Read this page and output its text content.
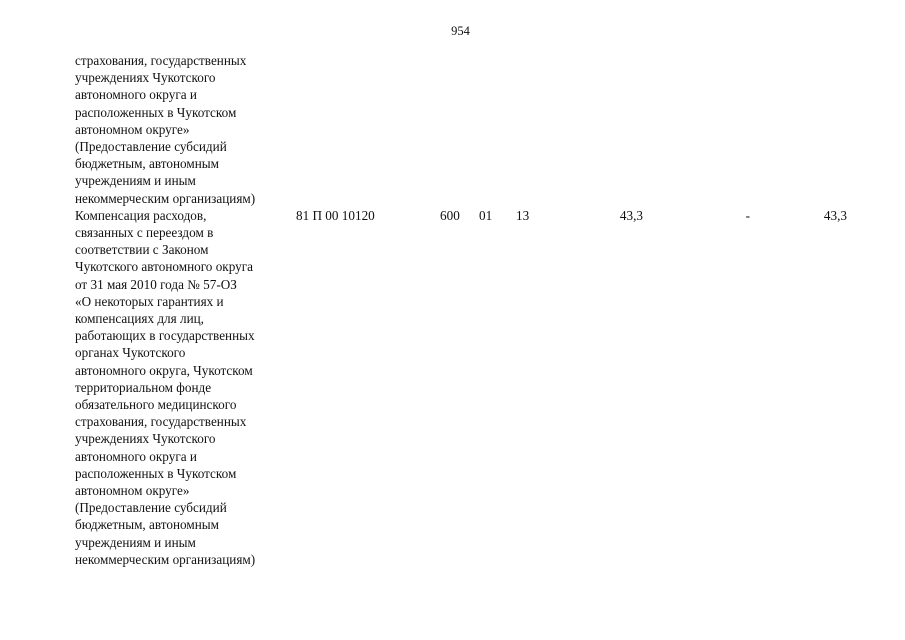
954
страхования, государственных
учреждениях Чукотского
автономного округа и
расположенных в Чукотском
автономном округе»
(Предоставление субсидий
бюджетным, автономным
учреждениям и иным
некоммерческим организациям)
Компенсация расходов,
связанных с переездом в
соответствии с Законом
Чукотского автономного округа
от 31 мая 2010 года № 57-ОЗ
«О некоторых гарантиях и
компенсациях для лиц,
работающих в государственных
органах Чукотского
автономного округа, Чукотском
территориальном фонде
обязательного медицинского
страхования, государственных
учреждениях Чукотского
автономного округа и
расположенных в Чукотском
автономном округе»
(Предоставление субсидий
бюджетным, автономным
учреждениям и иным
некоммерческим организациям)
81 П 00 10120	600 01 13	43,3	-	43,3
